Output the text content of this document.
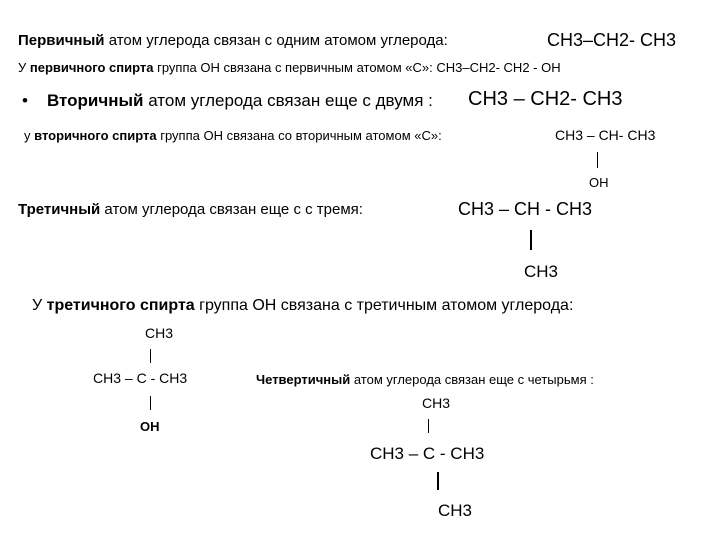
Первичный атом углерода связан с одним атомом углерода:	СН3–СН2- СН3
У первичного спирта группа ОН связана с первичным атомом «С»: СН3–СН2- СН2 - ОН
• Вторичный атом углерода связан еще с двумя : СН3 – СН2- СН3
у вторичного спирта группа ОН связана со вторичным атомом «С»:	СН3 – СН- СН3
ОН
Третичный атом углерода связан еще с с тремя:	СН3 – СН - СН3
СН3
У третичного спирта группа ОН связана с третичным атомом углерода:
СН3
СН3 – С - СН3
ОН
Четвертичный атом углерода связан еще с четырьмя :
СН3
СН3 – С - СН3
СН3
